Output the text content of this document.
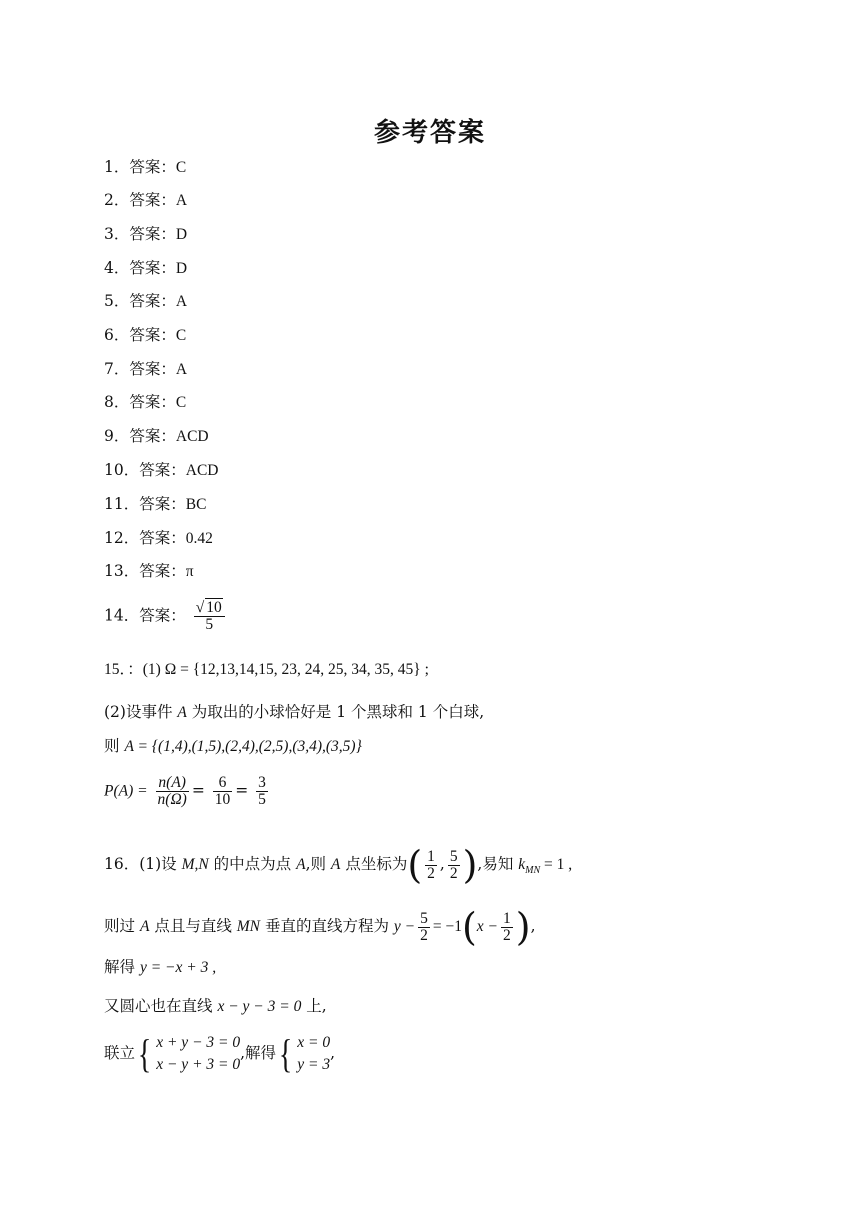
参考答案
1．答案：C
2．答案：A
3．答案：D
4．答案：D
5．答案：A
6．答案：C
7．答案：A
8．答案：C
9．答案：ACD
10．答案：ACD
11．答案：BC
12．答案：0.42
13．答案：π
14．答案： $\frac{√ 10}{5}$
15．：(1) Ω = {12,13,14,15, 23, 24, 25, 34, 35, 45} ;
(2)设事件 A 为取出的小球恰好是 1 个黑球和 1 个白球,
则 A = {(1,4),(1,5),(2,4),(2,5),(3,4),(3,5)}
$P(A) = \frac{n(A)}{n(\Omega)} = \frac{6}{10} = \frac{3}{5}$
16．(1)设 M,N 的中点为点 A,则 A 点坐标为( $\frac{1}{2}$ , $\frac{5}{2}$ ),易知 $k_{MN} = 1$ ,
则过 A 点且与直线 MN 垂直的直线方程为 $y - \frac{5}{2} = -1(x - \frac{1}{2}$ ),
解得 y = −x + 3 ,
又圆心也在直线 x − y − 3 = 0 上,
联立 { x + y − 3 = 0
x − y + 3 = 0
,解得 { x = 0
y = 3
,
